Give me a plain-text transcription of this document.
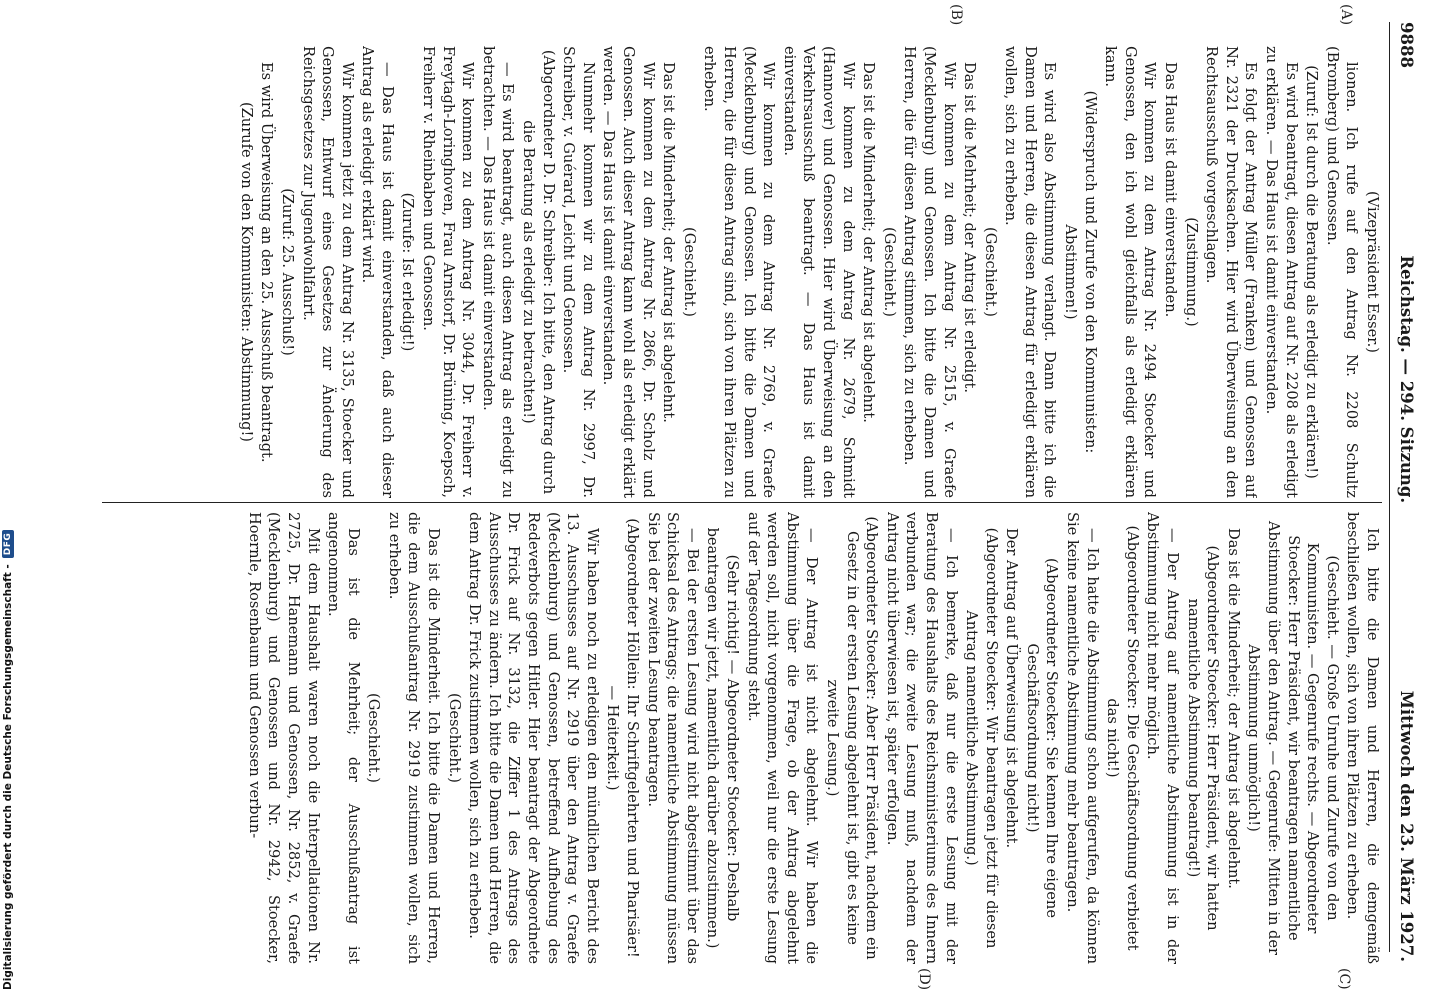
9888
Reichstag. — 294. Sitzung.
Mittwoch den 23. März 1927.
(A)
(B)
(C)
(D)

(Vizepräsident Esser.)

lionen. Ich rufe auf den Antrag Nr. 2208 Schultz (Bromberg) und Genossen.

(Zuruf: Ist durch die Beratung als erledigt zu erklären!)

Es wird beantragt, diesen Antrag auf Nr. 2208 als erledigt zu erklären. — Das Haus ist damit einverstanden.

Es folgt der Antrag Müller (Franken) und Genossen auf Nr. 2321 der Drucksachen. Hier wird Überweisung an den Rechtsausschuß vorgeschlagen.

(Zustimmung.)

Das Haus ist damit einverstanden.

Wir kommen zu dem Antrag Nr. 2494 Stoecker und Genossen, den ich wohl gleichfalls als erledigt erklären kann.

(Widerspruch und Zurufe von den Kommunisten: Abstimmen!)

Es wird also Abstimmung verlangt. Dann bitte ich die Damen und Herren, die diesen Antrag für erledigt erklären wollen, sich zu erheben.

(Geschieht.)

Das ist die Mehrheit; der Antrag ist erledigt.

Wir kommen zu dem Antrag Nr. 2515, v. Graefe (Mecklenburg) und Genossen. Ich bitte die Damen und Herren, die für diesen Antrag stimmen, sich zu erheben.

(Geschieht.)

Das ist die Minderheit; der Antrag ist abgelehnt.

Wir kommen zu dem Antrag Nr. 2679, Schmidt (Hannover) und Genossen. Hier wird Überweisung an den Verkehrsausschuß beantragt. — Das Haus ist damit einverstanden.

Wir kommen zu dem Antrag Nr. 2769, v. Graefe (Mecklenburg) und Genossen. Ich bitte die Damen und Herren, die für diesen Antrag sind, sich von ihren Plätzen zu erheben.

(Geschieht.)

Das ist die Minderheit; der Antrag ist abgelehnt.

Wir kommen zu dem Antrag Nr. 2866, Dr. Scholz und Genossen. Auch dieser Antrag kann wohl als erledigt erklärt werden. — Das Haus ist damit einverstanden.

Nunmehr kommen wir zu dem Antrag Nr. 2997, Dr. Schreiber, v. Guérard, Leicht und Genossen.

(Abgeordneter D. Dr. Schreiber: Ich bitte, den Antrag durch die Beratung als erledigt zu betrachten!)

— Es wird beantragt, auch diesen Antrag als erledigt zu betrachten. — Das Haus ist damit einverstanden.

Wir kommen zu dem Antrag Nr. 3044, Dr. Freiherr v. Freytagh-Loringhoven, Frau Arnstorf, Dr. Brüning, Koepsch, Freiherr v. Rheinbaben und Genossen.

(Zurufe: Ist erledigt!)

— Das Haus ist damit einverstanden, daß auch dieser Antrag als erledigt erklärt wird.

Wir kommen jetzt zu dem Antrag Nr. 3135, Stoecker und Genossen, Entwurf eines Gesetzes zur Änderung des Reichsgesetzes zur Jugendwohlfahrt.

(Zuruf: 25. Ausschuß!)

Es wird Überweisung an den 25. Ausschuß beantragt.

(Zurufe von den Kommunisten: Abstimmung!)

Ich bitte die Damen und Herren, die demgemäß beschließen wollen, sich von ihren Plätzen zu erheben.

(Geschieht. — Große Unruhe und Zurufe von den Kommunisten. — Gegenrufe rechts. — Abgeordneter Stoecker: Herr Präsident, wir beantragen namentliche Abstimmung über den Antrag. — Gegenrufe: Mitten in der Abstimmung unmöglich!)

Das ist die Minderheit; der Antrag ist abgelehnt.

(Abgeordneter Stoecker: Herr Präsident, wir hatten namentliche Abstimmung beantragt!)

— Der Antrag auf namentliche Abstimmung ist in der Abstimmung nicht mehr möglich.

(Abgeordneter Stoecker: Die Geschäftsordnung verbietet das nicht!)

— Ich hatte die Abstimmung schon aufgerufen, da können Sie keine namentliche Abstimmung mehr beantragen.

(Abgeordneter Stoecker: Sie kennen Ihre eigene Geschäftsordnung nicht!)

Der Antrag auf Überweisung ist abgelehnt.

(Abgeordneter Stoecker: Wir beantragen jetzt für diesen Antrag namentliche Abstimmung.)

— Ich bemerke, daß nur die erste Lesung mit der Beratung des Haushalts des Reichsministeriums des Innern verbunden war; die zweite Lesung muß, nachdem der Antrag nicht überwiesen ist, später erfolgen.

(Abgeordneter Stoecker: Aber Herr Präsident, nachdem ein Gesetz in der ersten Lesung abgelehnt ist, gibt es keine zweite Lesung.)

— Der Antrag ist nicht abgelehnt. Wir haben die Abstimmung über die Frage, ob der Antrag abgelehnt werden soll, nicht vorgenommen, weil nur die erste Lesung auf der Tagesordnung steht.

(Sehr richtig! — Abgeordneter Stoecker: Deshalb beantragen wir jetzt, namentlich darüber abzustimmen.)

— Bei der ersten Lesung wird nicht abgestimmt über das Schicksal des Antrags; die namentliche Abstimmung müssen Sie bei der zweiten Lesung beantragen.

(Abgeordneter Höllein: Ihr Schriftgelehrten und Pharisäer! — Heiterkeit.)

Wir haben noch zu erledigen den mündlichen Bericht des 13. Ausschusses auf Nr. 2919 über den Antrag v. Graefe (Mecklenburg) und Genossen, betreffend Aufhebung des Redeverbots gegen Hitler. Hier beantragt der Abgeordnete Dr. Frick auf Nr. 3132, die Ziffer 1 des Antrags des Ausschusses zu ändern. Ich bitte die Damen und Herren, die dem Antrag Dr. Frick zustimmen wollen, sich zu erheben.

(Geschieht.)

Das ist die Minderheit. Ich bitte die Damen und Herren, die dem Ausschußantrag Nr. 2919 zustimmen wollen, sich zu erheben.

(Geschieht.)

Das ist die Mehrheit; der Ausschußantrag ist angenommen.

Mit dem Haushalt waren noch die Interpellationen Nr. 2725, Dr. Hanemann und Genossen, Nr. 2852, v. Graefe (Mecklenburg) und Genossen und Nr. 2942, Stoecker, Hoernle, Rosenbaum und Genossen verbun-

Digitalisierung gefördert durch die Deutsche Forschungsgemeinschaft -
DFG
